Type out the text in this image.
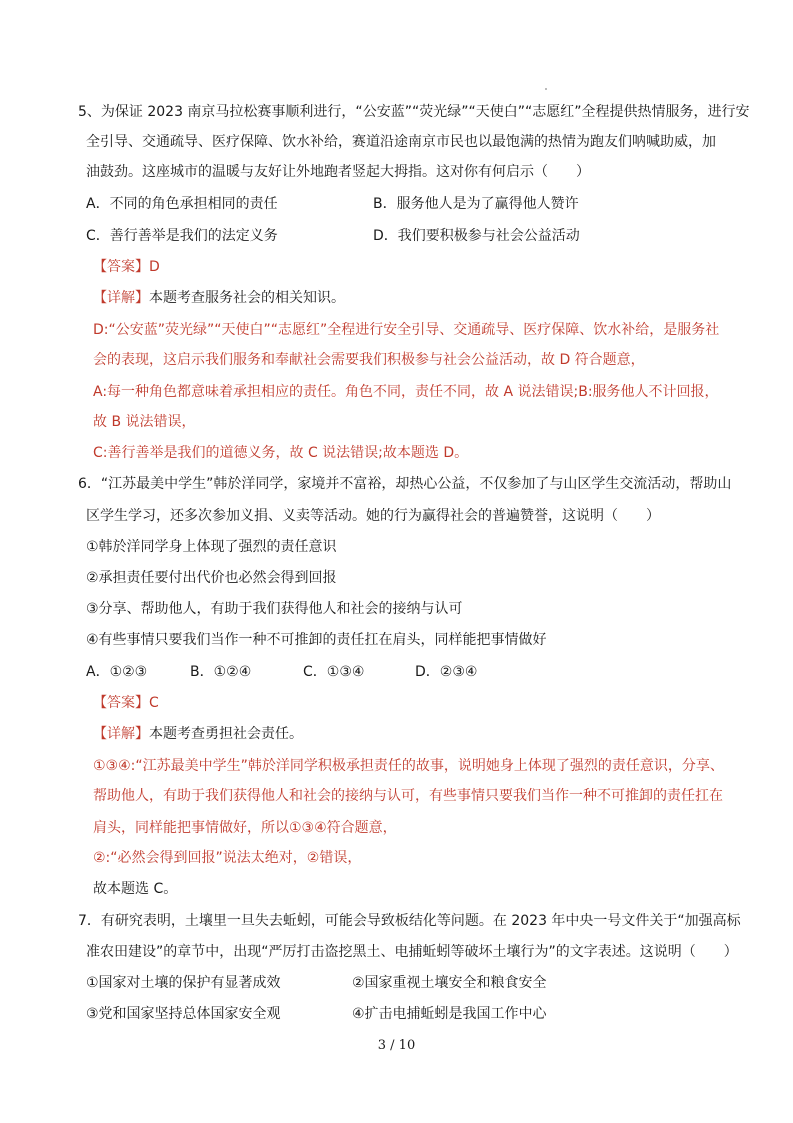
5、为保证 2023 南京马拉松赛事顺利进行，“公安蓝”“荧光绿”“天使白”“志愿红”全程提供热情服务，进行安
全引导、交通疏导、医疗保障、饮水补给，赛道沿途南京市民也以最饱满的热情为跑友们呐喊助威，加
油鼓劲。这座城市的温暖与友好让外地跑者竖起大拇指。这对你有何启示（　　）
A．不同的角色承担相同的责任	B．服务他人是为了赢得他人赞许
C．善行善举是我们的法定义务	D．我们要积极参与社会公益活动
【答案】D
【详解】本题考查服务社会的相关知识。
D:“公安蓝”荧光绿”“天使白”“志愿红”全程进行安全引导、交通疏导、医疗保障、饮水补给，是服务社
会的表现，这启示我们服务和奉献社会需要我们积极参与社会公益活动，故 D 符合题意，
A:每一种角色都意味着承担相应的责任。角色不同，责任不同，故 A 说法错误;B:服务他人不计回报，
故 B 说法错误，
C:善行善举是我们的道德义务，故 C 说法错误;故本题选 D。
6．“江苏最美中学生”韩於洋同学，家境并不富裕，却热心公益，不仅参加了与山区学生交流活动，帮助山
区学生学习，还多次参加义捐、义卖等活动。她的行为赢得社会的普遍赞誉，这说明（　　）
①韩於洋同学身上体现了强烈的责任意识
②承担责任要付出代价也必然会得到回报
③分享、帮助他人，有助于我们获得他人和社会的接纳与认可
④有些事情只要我们当作一种不可推卸的责任扛在肩头，同样能把事情做好
A．①②③	B．①②④	C．①③④	D．②③④
【答案】C
【详解】本题考查勇担社会责任。
①③④:“江苏最美中学生”韩於洋同学积极承担责任的故事，说明她身上体现了强烈的责任意识，分享、
帮助他人，有助于我们获得他人和社会的接纳与认可，有些事情只要我们当作一种不可推卸的责任扛在
肩头，同样能把事情做好，所以①③④符合题意，
②:“必然会得到回报”说法太绝对，②错误，
故本题选 C。
7．有研究表明，土壤里一旦失去蚯蚓，可能会导致板结化等问题。在 2023 年中央一号文件关于“加强高标
准农田建设”的章节中，出现“严厉打击盗挖黑土、电捕蚯蚓等破坏土壤行为”的文字表述。这说明（　　）
①国家对土壤的保护有显著成效	②国家重视土壤安全和粮食安全
③党和国家坚持总体国家安全观	④扩击电捕蚯蚓是我国工作中心
3 / 10
